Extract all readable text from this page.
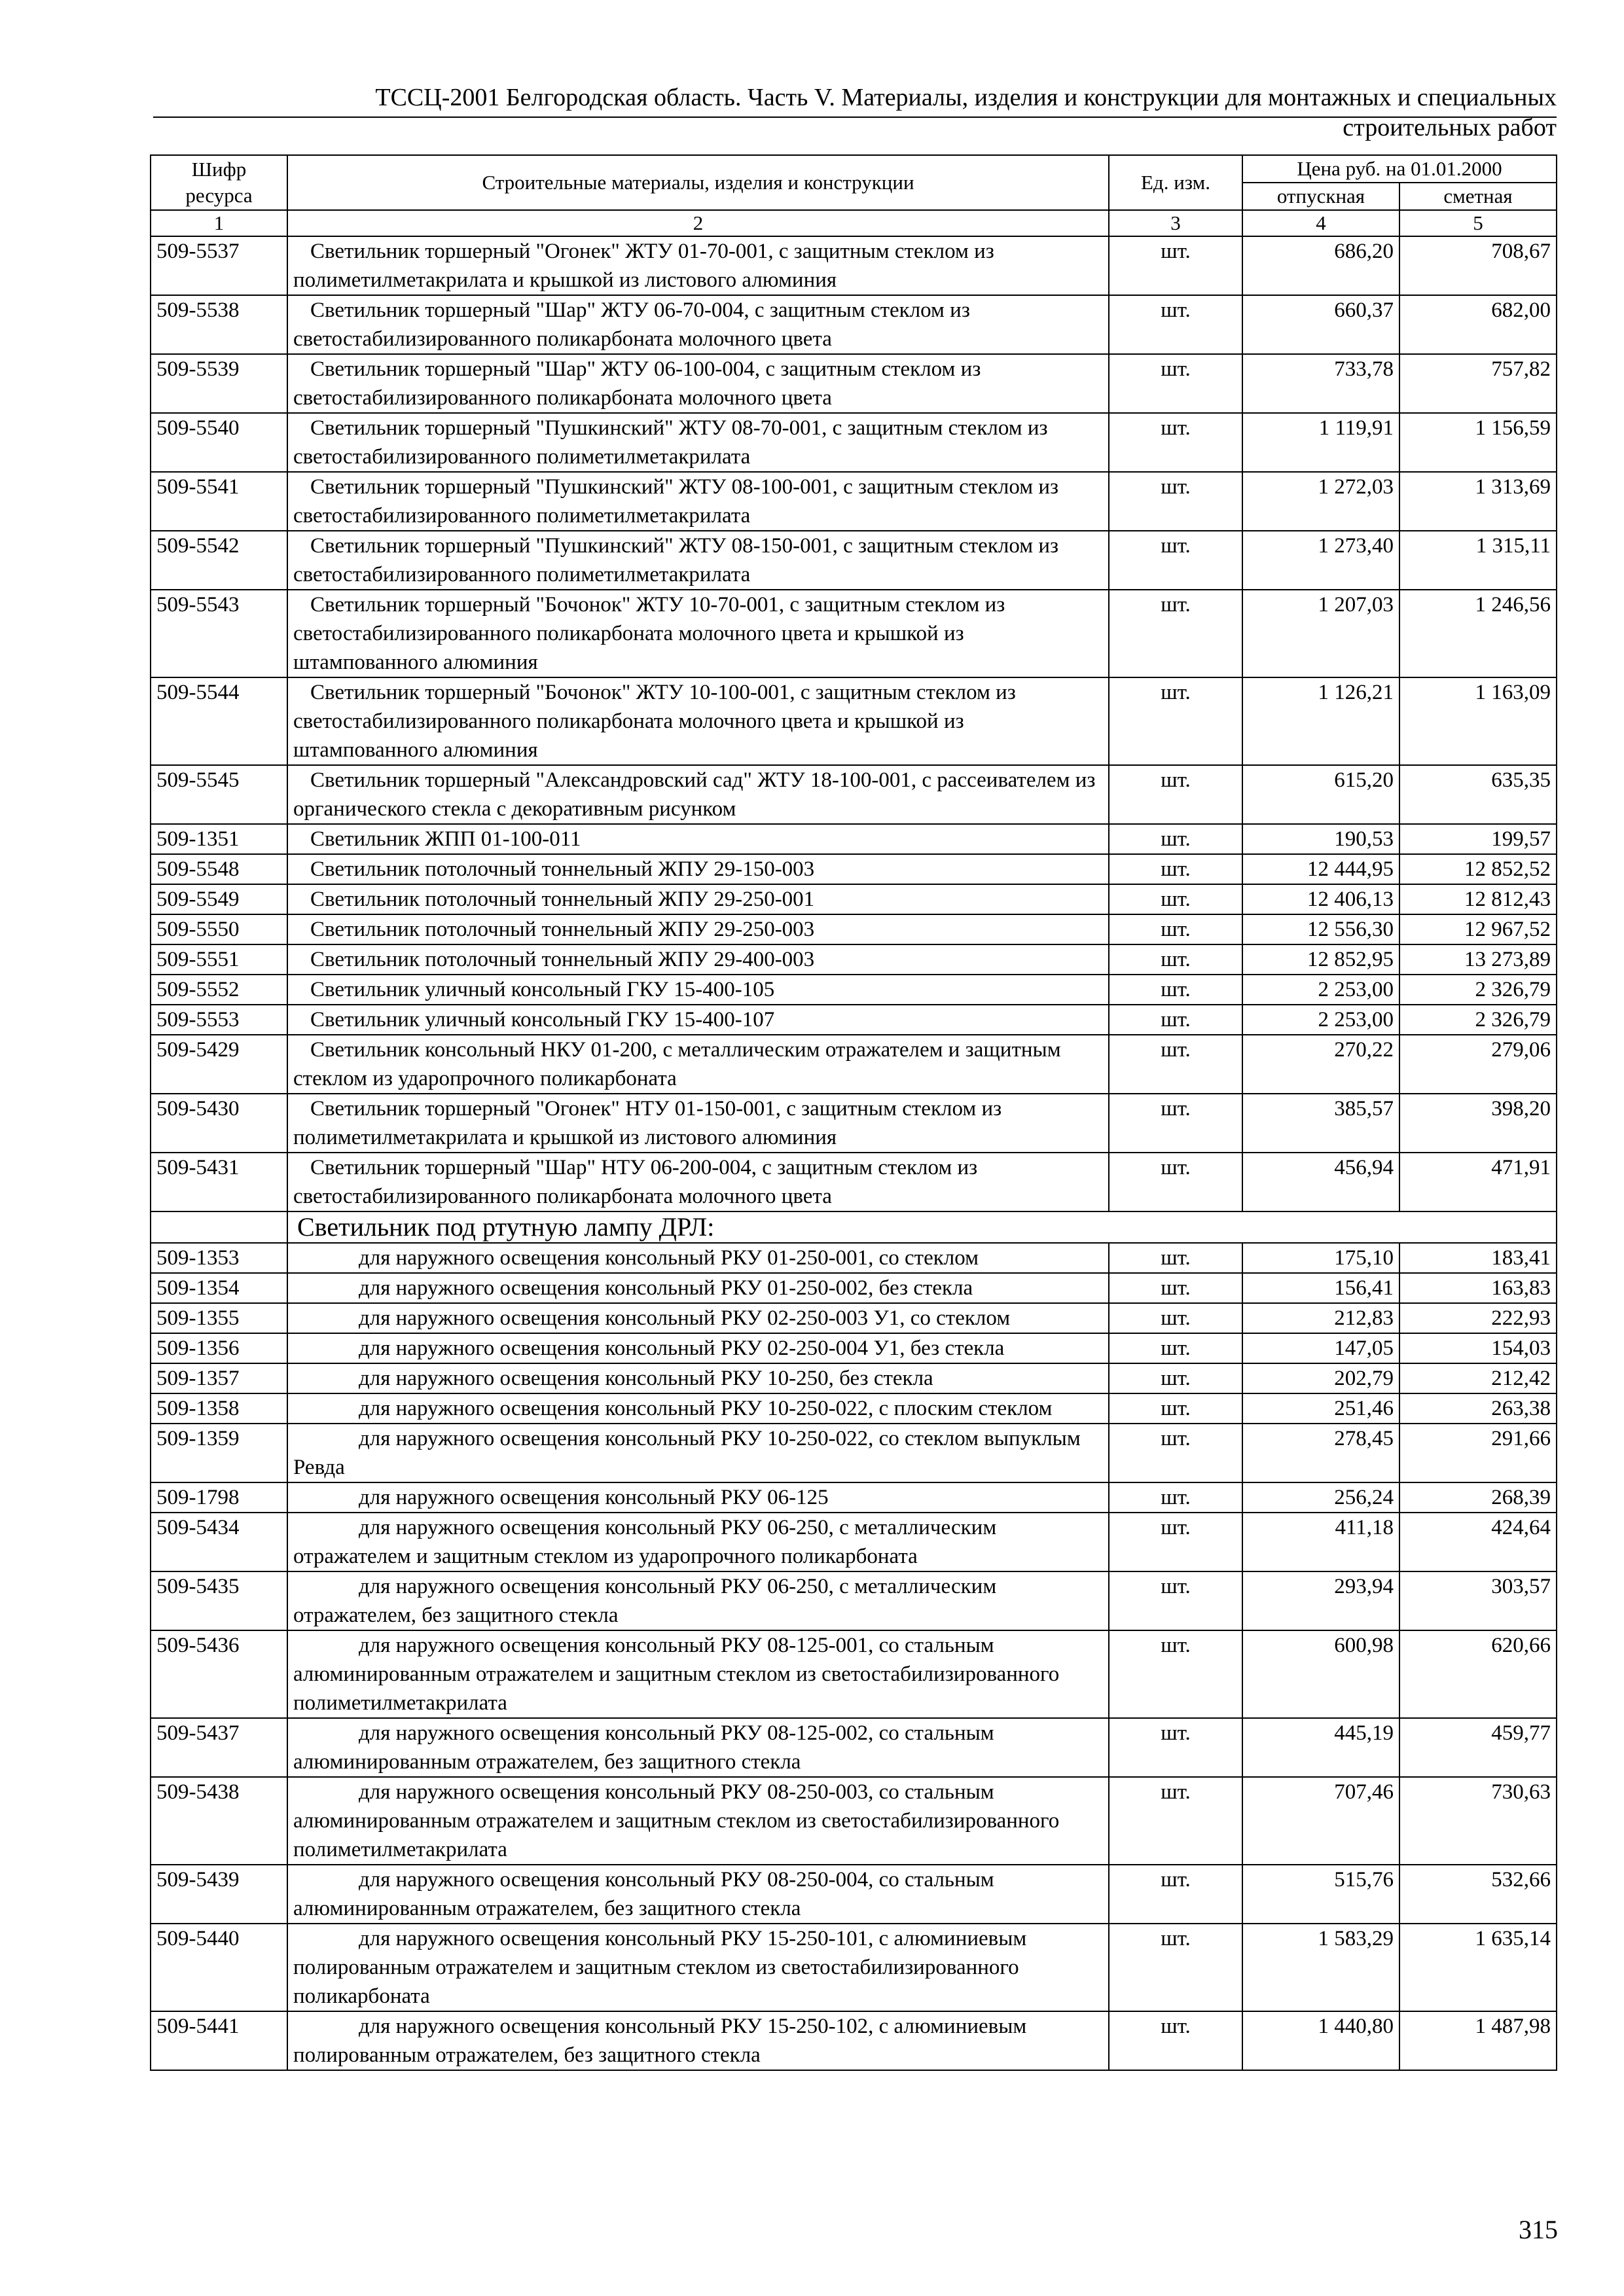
ТССЦ-2001 Белгородская область. Часть V. Материалы, изделия и конструкции для монтажных и специальных
строительных работ
Шифр ресурса	Строительные материалы, изделия и конструкции	Ед. изм.	Цена руб. на 01.01.2000	
			отпускная	сметная
1	2	3	4	5
509-5537	Светильник торшерный "Огонек" ЖТУ 01-70-001, с защитным стеклом из полиметилметакрилата и крышкой из листового алюминия	шт.	686,20	708,67
509-5538	Светильник торшерный "Шар" ЖТУ 06-70-004, с защитным стеклом из светостабилизированного поликарбоната молочного цвета	шт.	660,37	682,00
509-5539	Светильник торшерный "Шар" ЖТУ 06-100-004, с защитным стеклом из светостабилизированного поликарбоната молочного цвета	шт.	733,78	757,82
509-5540	Светильник торшерный "Пушкинский" ЖТУ 08-70-001, с защитным стеклом из светостабилизированного полиметилметакрилата	шт.	1 119,91	1 156,59
509-5541	Светильник торшерный "Пушкинский" ЖТУ 08-100-001, с защитным стеклом из светостабилизированного полиметилметакрилата	шт.	1 272,03	1 313,69
509-5542	Светильник торшерный "Пушкинский" ЖТУ 08-150-001, с защитным стеклом из светостабилизированного полиметилметакрилата	шт.	1 273,40	1 315,11
509-5543	Светильник торшерный "Бочонок" ЖТУ 10-70-001, с защитным стеклом из светостабилизированного поликарбоната молочного цвета и крышкой из штампованного алюминия	шт.	1 207,03	1 246,56
509-5544	Светильник торшерный "Бочонок" ЖТУ 10-100-001, с защитным стеклом из светостабилизированного поликарбоната молочного цвета и крышкой из штампованного алюминия	шт.	1 126,21	1 163,09
509-5545	Светильник торшерный "Александровский сад" ЖТУ 18-100-001, с рассеивателем из органического стекла с декоративным рисунком	шт.	615,20	635,35
509-1351	Светильник ЖПП 01-100-011	шт.	190,53	199,57
509-5548	Светильник потолочный тоннельный ЖПУ 29-150-003	шт.	12 444,95	12 852,52
509-5549	Светильник потолочный тоннельный ЖПУ 29-250-001	шт.	12 406,13	12 812,43
509-5550	Светильник потолочный тоннельный ЖПУ 29-250-003	шт.	12 556,30	12 967,52
509-5551	Светильник потолочный тоннельный ЖПУ 29-400-003	шт.	12 852,95	13 273,89
509-5552	Светильник уличный консольный ГКУ 15-400-105	шт.	2 253,00	2 326,79
509-5553	Светильник уличный консольный ГКУ 15-400-107	шт.	2 253,00	2 326,79
509-5429	Светильник консольный НКУ 01-200, с металлическим отражателем и защитным стеклом из ударопрочного поликарбоната	шт.	270,22	279,06
509-5430	Светильник торшерный "Огонек" НТУ 01-150-001, с защитным стеклом из полиметилметакрилата и крышкой из листового алюминия	шт.	385,57	398,20
509-5431	Светильник торшерный "Шар" НТУ 06-200-004, с защитным стеклом из светостабилизированного поликарбоната молочного цвета	шт.	456,94	471,91
	Светильник под ртутную лампу ДРЛ:			
509-1353	для наружного освещения консольный РКУ 01-250-001, со стеклом	шт.	175,10	183,41
509-1354	для наружного освещения консольный РКУ 01-250-002, без стекла	шт.	156,41	163,83
509-1355	для наружного освещения консольный РКУ 02-250-003 У1, со стеклом	шт.	212,83	222,93
509-1356	для наружного освещения консольный РКУ 02-250-004 У1, без стекла	шт.	147,05	154,03
509-1357	для наружного освещения консольный РКУ 10-250, без стекла	шт.	202,79	212,42
509-1358	для наружного освещения консольный РКУ 10-250-022, с плоским стеклом	шт.	251,46	263,38
509-1359	для наружного освещения консольный РКУ 10-250-022, со стеклом выпуклым Ревда	шт.	278,45	291,66
509-1798	для наружного освещения консольный РКУ 06-125	шт.	256,24	268,39
509-5434	для наружного освещения консольный РКУ 06-250, с металлическим отражателем и защитным стеклом из ударопрочного поликарбоната	шт.	411,18	424,64
509-5435	для наружного освещения консольный РКУ 06-250, с металлическим отражателем, без защитного стекла	шт.	293,94	303,57
509-5436	для наружного освещения консольный РКУ 08-125-001, со стальным алюминированным отражателем и защитным стеклом из светостабилизированного полиметилметакрилата	шт.	600,98	620,66
509-5437	для наружного освещения консольный РКУ 08-125-002, со стальным алюминированным отражателем, без защитного стекла	шт.	445,19	459,77
509-5438	для наружного освещения консольный РКУ 08-250-003, со стальным алюминированным отражателем и защитным стеклом из светостабилизированного полиметилметакрилата	шт.	707,46	730,63
509-5439	для наружного освещения консольный РКУ 08-250-004, со стальным алюминированным отражателем, без защитного стекла	шт.	515,76	532,66
509-5440	для наружного освещения консольный РКУ 15-250-101, с алюминиевым полированным отражателем и защитным стеклом из светостабилизированного поликарбоната	шт.	1 583,29	1 635,14
509-5441	для наружного освещения консольный РКУ 15-250-102, с алюминиевым полированным отражателем, без защитного стекла	шт.	1 440,80	1 487,98
315
